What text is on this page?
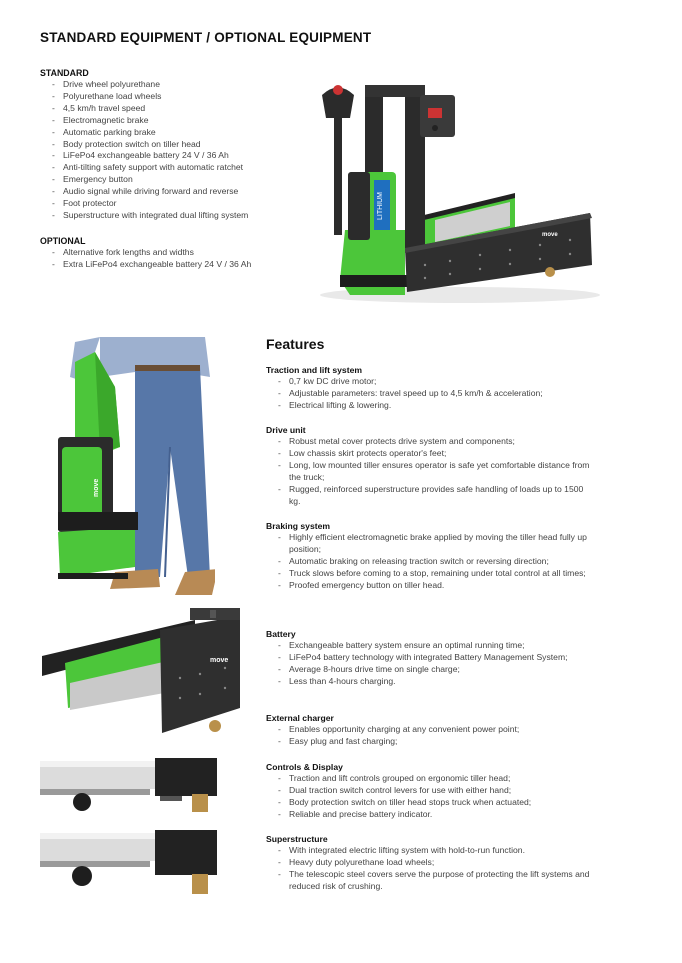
STANDARD EQUIPMENT / OPTIONAL EQUIPMENT
STANDARD
- Drive wheel polyurethane
- Polyurethane load wheels
- 4,5 km/h travel speed
- Electromagnetic brake
- Automatic parking brake
- Body protection switch on tiller head
- LiFePo4 exchangeable battery 24 V / 36 Ah
- Anti-tilting safety support with automatic ratchet
- Emergency button
- Audio signal while driving forward and reverse
- Foot protector
- Superstructure with integrated dual lifting system
OPTIONAL
- Alternative fork lengths and widths
- Extra LiFePo4 exchangeable battery 24 V / 36 Ah
LITHIUM
move
move
move
Features
Traction and lift system
- 0,7 kw DC drive motor;
- Adjustable parameters: travel speed up to 4,5 km/h & acceleration;
- Electrical lifting & lowering.
Drive unit
- Robust metal cover protects drive system and components;
- Low chassis skirt protects operator's feet;
- Long, low mounted tiller ensures operator is safe yet comfortable distance from the truck;
- Rugged, reinforced superstructure provides safe handling of loads up to 1500 kg.
Braking system
- Highly efficient electromagnetic brake applied by moving the tiller head fully up position;
- Automatic braking on releasing traction switch or reversing direction;
- Truck slows before coming to a stop, remaining under total control at all times;
- Proofed emergency button on tiller head.
Battery
- Exchangeable battery system ensure an optimal running time;
- LiFePo4 battery technology with integrated Battery Management System;
- Average 8-hours drive time on single charge;
- Less than 4-hours charging.
External charger
- Enables opportunity charging at any convenient power point;
- Easy plug and fast charging;
Controls & Display
- Traction and lift controls grouped on ergonomic tiller head;
- Dual traction switch control levers for use with either hand;
- Body protection switch on tiller head stops truck when actuated;
- Reliable and precise battery indicator.
Superstructure
- With integrated electric lifting system with hold-to-run function.
- Heavy duty polyurethane load wheels;
- The telescopic steel covers serve the purpose of protecting the lift systems and reduced risk of crushing.
